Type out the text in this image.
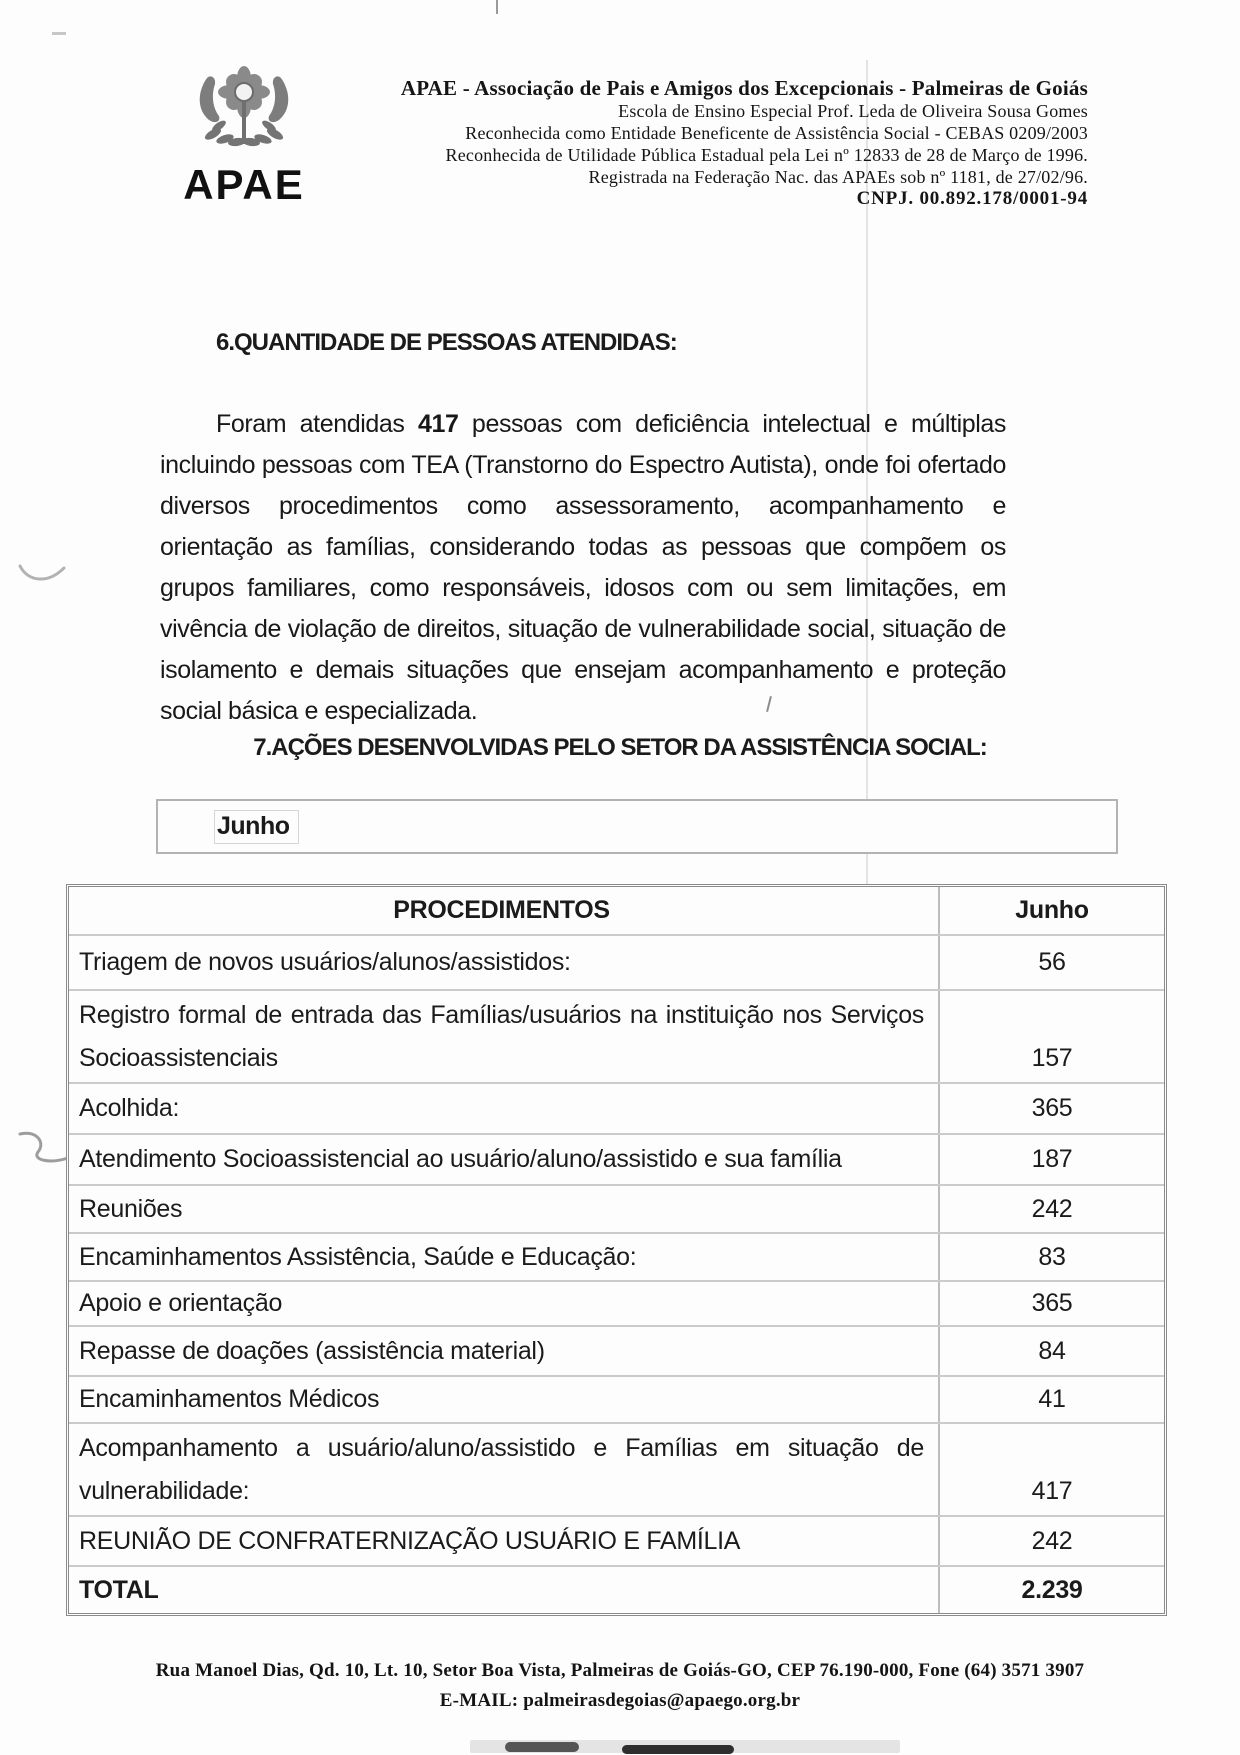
APAE
APAE - Associação de Pais e Amigos dos Excepcionais - Palmeiras de Goiás
Escola de Ensino Especial Prof. Leda de Oliveira Sousa Gomes
Reconhecida como Entidade Beneficente de Assistência Social - CEBAS 0209/2003
Reconhecida de Utilidade Pública Estadual pela Lei nº 12833 de 28 de Março de 1996.
Registrada na Federação Nac. das APAEs sob nº 1181, de 27/02/96.
CNPJ. 00.892.178/0001-94
6.QUANTIDADE DE PESSOAS ATENDIDAS:

Foram atendidas 417 pessoas com deficiência intelectual e múltiplas incluindo pessoas com TEA (Transtorno do Espectro Autista), onde foi ofertado diversos procedimentos como assessoramento, acompanhamento e orientação as famílias, considerando todas as pessoas que compõem os grupos familiares, como responsáveis, idosos com ou sem limitações, em vivência de violação de direitos, situação de vulnerabilidade social, situação de isolamento e demais situações que ensejam acompanhamento e proteção social básica e especializada.

7.AÇÕES DESENVOLVIDAS PELO SETOR DA ASSISTÊNCIA SOCIAL:
Junho
PROCEDIMENTOS	Junho
Triagem de novos usuários/alunos/assistidos:	56
Registro formal de entrada das Famílias/usuários na instituição nos Serviços Socioassistenciais	157
Acolhida:	365
Atendimento Socioassistencial ao usuário/aluno/assistido e sua família	187
Reuniões	242
Encaminhamentos Assistência, Saúde e Educação:	83
Apoio e orientação	365
Repasse de doações (assistência material)	84
Encaminhamentos Médicos	41
Acompanhamento a usuário/aluno/assistido e Famílias em situação de vulnerabilidade:	417
REUNIÃO DE CONFRATERNIZAÇÃO USUÁRIO E FAMÍLIA	242
TOTAL	2.239
Rua Manoel Dias, Qd. 10, Lt. 10, Setor Boa Vista, Palmeiras de Goiás-GO, CEP 76.190-000, Fone (64) 3571 3907
E-MAIL: palmeirasdegoias@apaego.org.br
